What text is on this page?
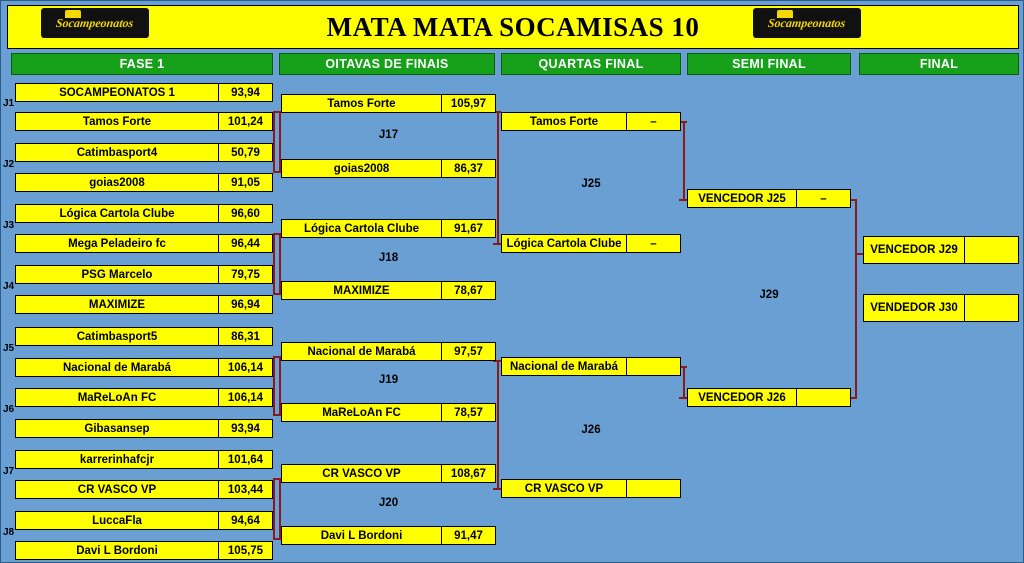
MATA MATA SOCAMISAS 10
Socampeonatos	Socampeonatos
FASE 1	OITAVAS DE FINAIS	QUARTAS FINAL	SEMI FINAL	FINAL
J1
SOCAMPEONATOS 1	93,94
Tamos Forte	101,24
J2
Catimbasport4	50,79
goias2008	91,05
J3
Lógica Cartola Clube	96,60
Mega Peladeiro fc	96,44
J4
PSG Marcelo	79,75
MAXIMIZE	96,94
J5
Catimbasport5	86,31
Nacional de Marabá	106,14
J6
MaReLoAn FC	106,14
Gibasansep	93,94
J7
karrerinhafcjr	101,64
CR VASCO VP	103,44
J8
LuccaFla	94,64
Davi L Bordoni	105,75
Tamos Forte	105,97
J17
goias2008	86,37
Lógica Cartola Clube	91,67
J18
MAXIMIZE	78,67
Nacional de Marabá	97,57
J19
MaReLoAn FC	78,57
CR VASCO VP	108,67
J20
Davi L Bordoni	91,47
Tamos Forte	–
J25
Lógica Cartola Clube	–
Nacional de Marabá
J26
CR VASCO VP
VENCEDOR J25	–
J29
VENCEDOR J26
VENCEDOR J29
VENDEDOR J30
